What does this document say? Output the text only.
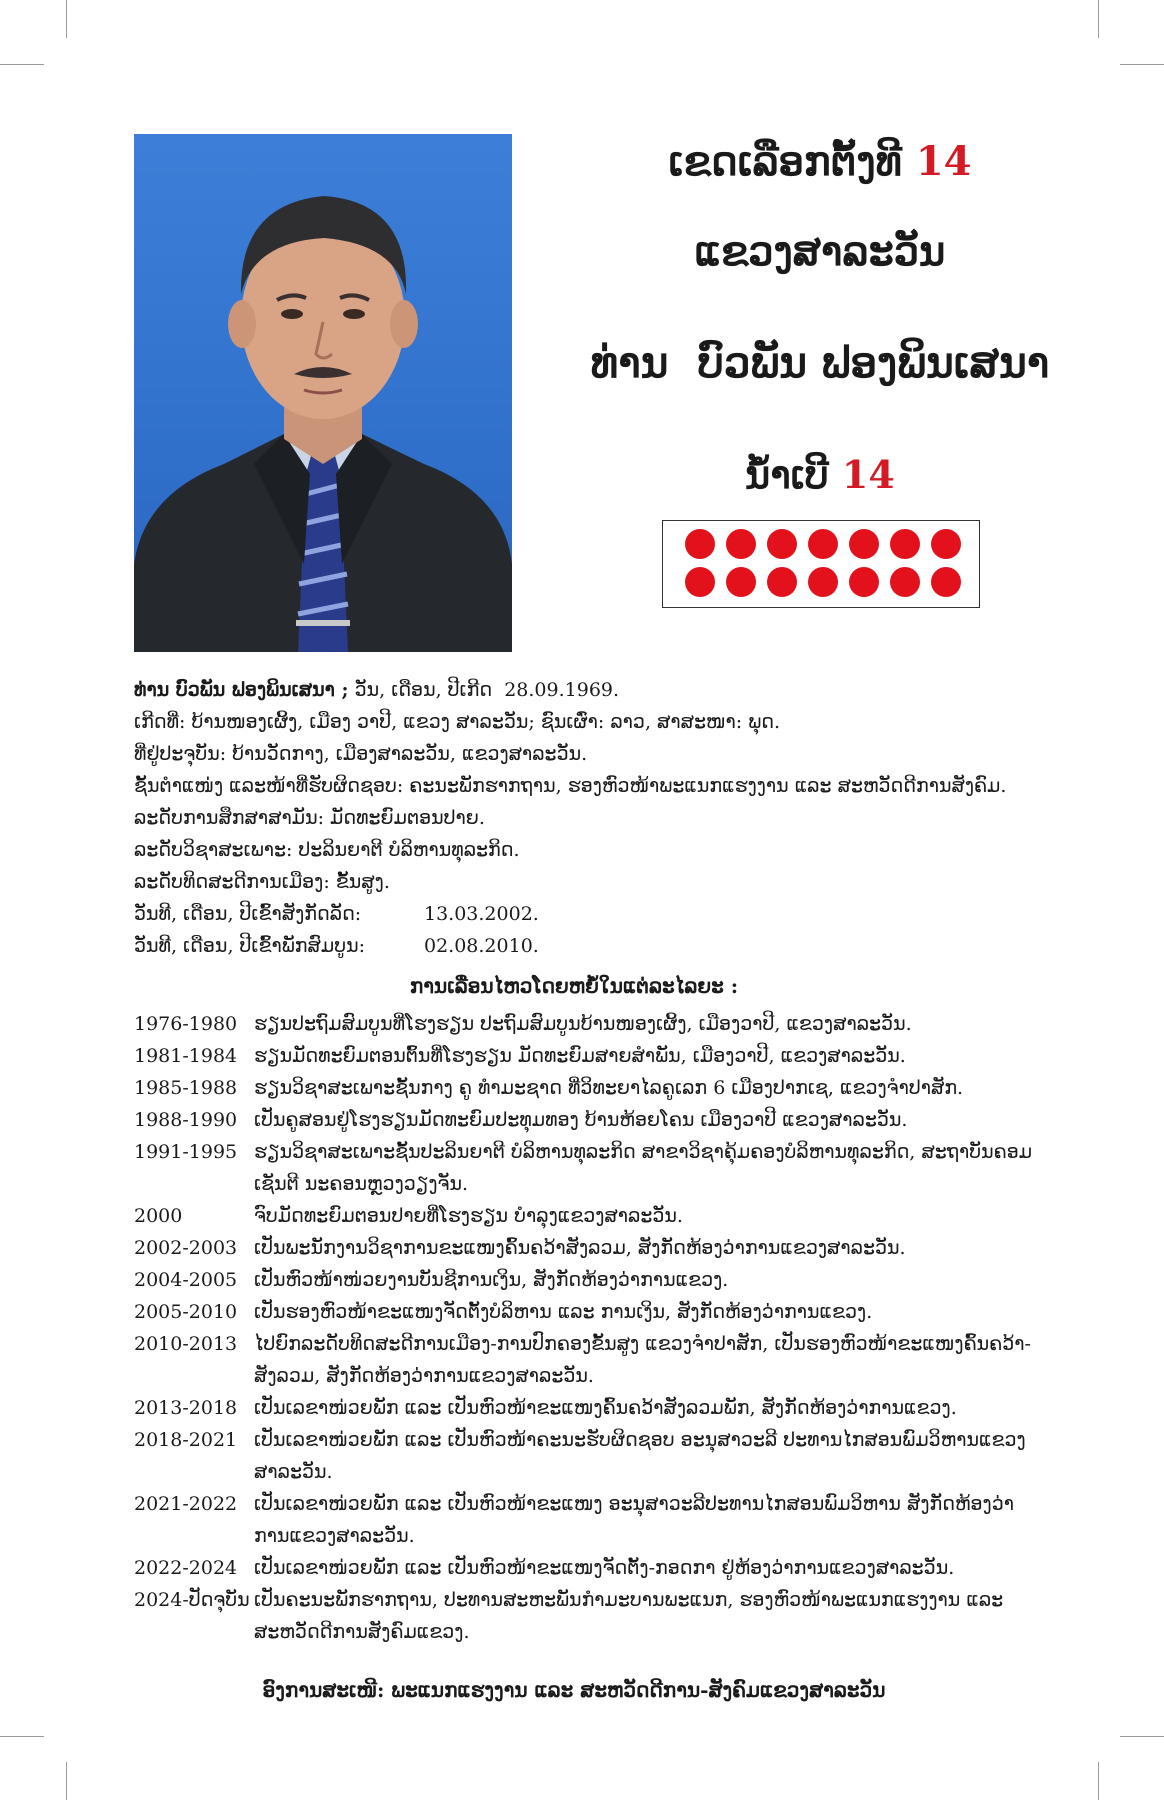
ເຂດເລືອກຕັ້ງທີ 14
ແຂວງສາລະວັນ
ທ່ານ  ບົວພັນ ຟອງພິນເສນາ
ນໍ້າເບີ 14
ທ່ານ ບົວພັນ ຟອງພິນເສນາ ; ວັນ, ເດືອນ, ປີເກີດ  28.09.1969.
ເກີດທີ່: ບ້ານໜອງເຜິ້ງ, ເມືອງ ວາປີ, ແຂວງ ສາລະວັນ; ຊົນເຜົ່າ: ລາວ, ສາສະໜາ: ພຸດ.
ທີ່ຢູ່ປະຈຸບັນ: ບ້ານວັດກາງ, ເມືອງສາລະວັນ, ແຂວງສາລະວັນ.
ຊັ້ນຕໍາແໜ່ງ ແລະໜ້າທີ່ຮັບຜິດຊອບ: ຄະນະພັກຮາກຖານ, ຮອງຫົວໜ້າພະແນກແຮງງານ ແລະ ສະຫວັດດີການສັງຄົມ.
ລະດັບການສຶກສາສາມັນ: ມັດທະຍົມຕອນປາຍ.
ລະດັບວິຊາສະເພາະ: ປະລິນຍາຕີ ບໍລິຫານທຸລະກິດ.
ລະດັບທິດສະດີການເມືອງ: ຂັ້ນສູງ.
ວັນທີ, ເດືອນ, ປີເຂົ້າສັງກັດລັດ:	13.03.2002.
ວັນທີ, ເດືອນ, ປີເຂົ້າພັກສົມບູນ:	02.08.2010.
ການເລື່ອນໄຫວໂດຍຫຍໍ້ໃນແຕ່ລະໄລຍະ :
1976-1980 ຮຽນປະຖົມສົມບູນທີ່ໂຮງຮຽນ ປະຖົມສົມບູນບ້ານໜອງເຜິ້ງ, ເມືອງວາປີ, ແຂວງສາລະວັນ.
1981-1984 ຮຽນມັດທະຍົມຕອນຕົ້ນທີ່ໂຮງຮຽນ ມັດທະຍົມສາຍສໍາພັນ, ເມືອງວາປີ, ແຂວງສາລະວັນ.
1985-1988 ຮຽນວິຊາສະເພາະຊັ້ນກາງ ຄູ ທໍາມະຊາດ ທີ່ວິທະຍາໄລຄູເລກ 6 ເມືອງປາກເຊ, ແຂວງຈໍາປາສັກ.
1988-1990 ເປັນຄູສອນຢູ່ໂຮງຮຽນມັດທະຍົມປະທຸມທອງ ບ້ານຫ້ອຍໂຄນ ເມືອງວາປີ ແຂວງສາລະວັນ.
1991-1995 ຮຽນວິຊາສະເພາະຊັ້ນປະລິນຍາຕີ ບໍລິຫານທຸລະກິດ ສາຂາວິຊາຄຸ້ມຄອງບໍລິຫານທຸລະກິດ, ສະຖາບັນຄອມເຊັນຕີ ນະຄອນຫຼວງວຽງຈັນ.
2000	ຈົບມັດທະຍົມຕອນປາຍທີ່ໂຮງຮຽນ ບໍາລຸງແຂວງສາລະວັນ.
2002-2003 ເປັນພະນັກງານວິຊາການຂະແໜງຄົ້ນຄວ້າສັງລວມ, ສັງກັດຫ້ອງວ່າການແຂວງສາລະວັນ.
2004-2005 ເປັນຫົວໜ້າໜ່ວຍງານບັນຊີການເງິນ, ສັງກັດຫ້ອງວ່າການແຂວງ.
2005-2010 ເປັນຮອງຫົວໜ້າຂະແໜງຈັດຕັ້ງບໍລິຫານ ແລະ ການເງິນ, ສັງກັດຫ້ອງວ່າການແຂວງ.
2010-2013 ໄປຍົກລະດັບທິດສະດີການເມືອງ-ການປົກຄອງຂັ້ນສູງ ແຂວງຈໍາປາສັກ, ເປັນຮອງຫົວໜ້າຂະແໜງຄົ້ນຄວ້າ-ສັງລວມ, ສັງກັດຫ້ອງວ່າການແຂວງສາລະວັນ.
2013-2018 ເປັນເລຂາໜ່ວຍພັກ ແລະ ເປັນຫົວໜ້າຂະແໜງຄົ້ນຄວ້າສັງລວມພັກ, ສັງກັດຫ້ອງວ່າການແຂວງ.
2018-2021 ເປັນເລຂາໜ່ວຍພັກ ແລະ ເປັນຫົວໜ້າຄະນະຮັບຜິດຊອບ ອະນຸສາວະລີ ປະທານໄກສອນພົມວິຫານແຂວງສາລະວັນ.
2021-2022 ເປັນເລຂາໜ່ວຍພັກ ແລະ ເປັນຫົວໜ້າຂະແໜງ ອະນຸສາວະລີປະທານໄກສອນພົມວິຫານ ສັງກັດຫ້ອງວ່າການແຂວງສາລະວັນ.
2022-2024 ເປັນເລຂາໜ່ວຍພັກ ແລະ ເປັນຫົວໜ້າຂະແໜງຈັດຕັ້ງ-ກອດກາ ຢູ່ຫ້ອງວ່າການແຂວງສາລະວັນ.
2024-ປັດຈຸບັນ ເປັນຄະນະພັກຮາກຖານ, ປະທານສະຫະພັນກໍາມະບານພະແນກ, ຮອງຫົວໜ້າພະແນກແຮງງານ ແລະ ສະຫວັດດີການສັງຄົມແຂວງ.
ອົງການສະເໜີ: ພະແນກແຮງງານ ແລະ ສະຫວັດດີການ-ສັງຄົມແຂວງສາລະວັນ
